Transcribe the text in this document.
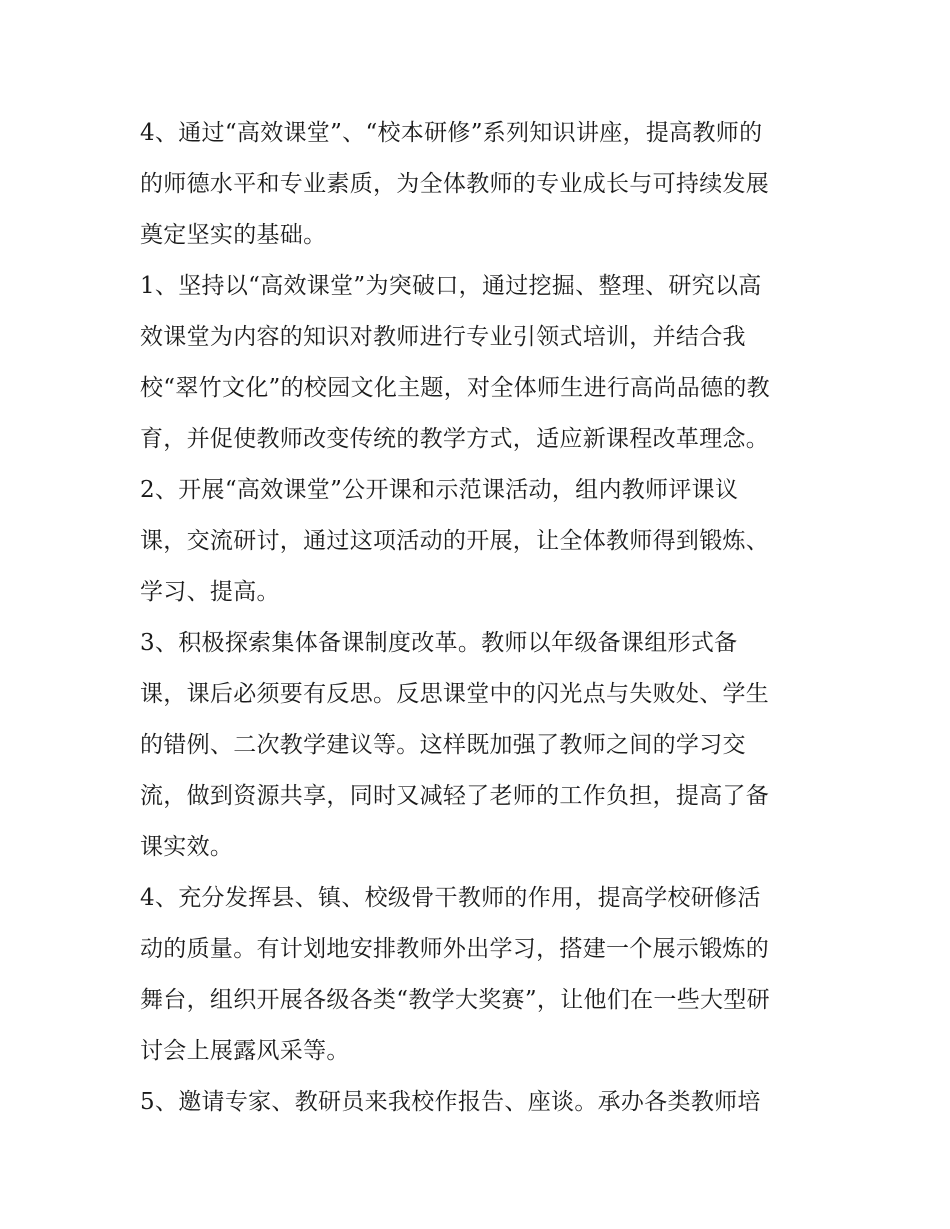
4、通过“高效课堂”、“校本研修”系列知识讲座，提高教师的
的师德水平和专业素质，为全体教师的专业成长与可持续发展
奠定坚实的基础。
1、坚持以“高效课堂”为突破口，通过挖掘、整理、研究以高
效课堂为内容的知识对教师进行专业引领式培训，并结合我
校“翠竹文化”的校园文化主题，对全体师生进行高尚品德的教
育，并促使教师改变传统的教学方式，适应新课程改革理念。
2、开展“高效课堂”公开课和示范课活动，组内教师评课议
课，交流研讨，通过这项活动的开展，让全体教师得到锻炼、
学习、提高。
3、积极探索集体备课制度改革。教师以年级备课组形式备
课，课后必须要有反思。反思课堂中的闪光点与失败处、学生
的错例、二次教学建议等。这样既加强了教师之间的学习交
流，做到资源共享，同时又减轻了老师的工作负担，提高了备
课实效。
4、充分发挥县、镇、校级骨干教师的作用，提高学校研修活
动的质量。有计划地安排教师外出学习，搭建一个展示锻炼的
舞台，组织开展各级各类“教学大奖赛”，让他们在一些大型研
讨会上展露风采等。
5、邀请专家、教研员来我校作报告、座谈。承办各类教师培
